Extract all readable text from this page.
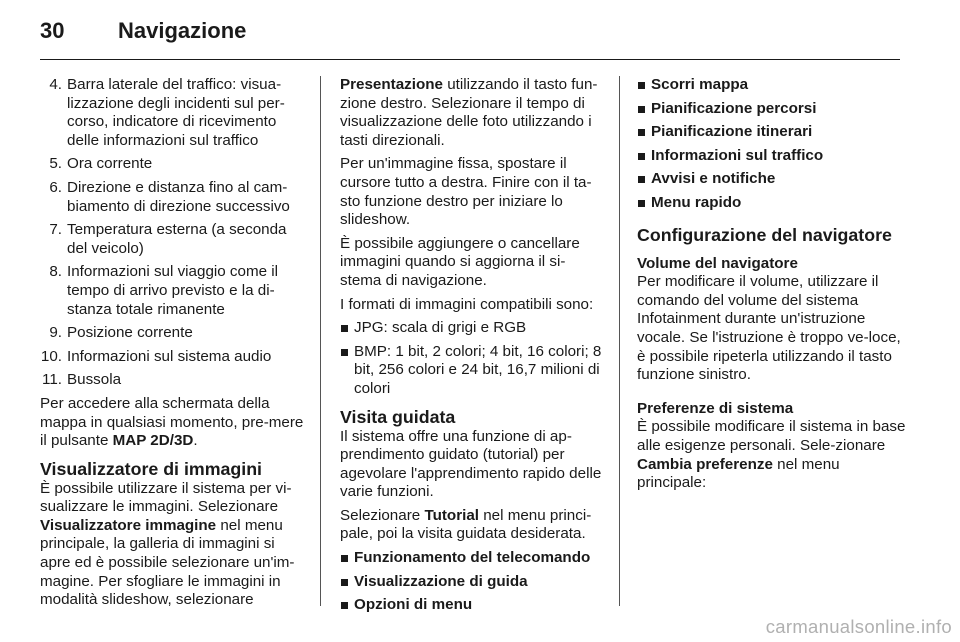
30	Navigazione
4. Barra laterale del traffico: visua-lizzazione degli incidenti sul per-corso, indicatore di ricevimento delle informazioni sul traffico
5. Ora corrente
6. Direzione e distanza fino al cam-biamento di direzione successivo
7. Temperatura esterna (a seconda del veicolo)
8. Informazioni sul viaggio come il tempo di arrivo previsto e la di-stanza totale rimanente
9. Posizione corrente
10. Informazioni sul sistema audio
11. Bussola

Per accedere alla schermata della mappa in qualsiasi momento, pre-mere il pulsante MAP 2D/3D.

Visualizzatore di immagini

È possibile utilizzare il sistema per vi-sualizzare le immagini. Selezionare Visualizzatore immagine nel menu principale, la galleria di immagini si apre ed è possibile selezionare un'im-magine. Per sfogliare le immagini in modalità slideshow, selezionare

Presentazione utilizzando il tasto fun-zione destro. Selezionare il tempo di visualizzazione delle foto utilizzando i tasti direzionali.

Per un'immagine fissa, spostare il cursore tutto a destra. Finire con il ta-sto funzione destro per iniziare lo slideshow.

È possibile aggiungere o cancellare immagini quando si aggiorna il si-stema di navigazione.

I formati di immagini compatibili sono:

JPG: scala di grigi e RGB
BMP: 1 bit, 2 colori; 4 bit, 16 colori; 8 bit, 256 colori e 24 bit, 16,7 milioni di colori
Visita guidata

Il sistema offre una funzione di ap-prendimento guidato (tutorial) per agevolare l'apprendimento rapido delle varie funzioni.

Selezionare Tutorial nel menu princi-pale, poi la visita guidata desiderata.

Funzionamento del telecomando
Visualizzazione di guida
Opzioni di menu
Scorri mappa
Pianificazione percorsi
Pianificazione itinerari
Informazioni sul traffico
Avvisi e notifiche
Menu rapido
Configurazione del navigatore
Volume del navigatore

Per modificare il volume, utilizzare il comando del volume del sistema Infotainment durante un'istruzione vocale. Se l'istruzione è troppo ve-loce, è possibile ripeterla utilizzando il tasto funzione sinistro.

Preferenze di sistema

È possibile modificare il sistema in base alle esigenze personali. Sele-zionare Cambia preferenze nel menu principale:

carmanualsonline.info
